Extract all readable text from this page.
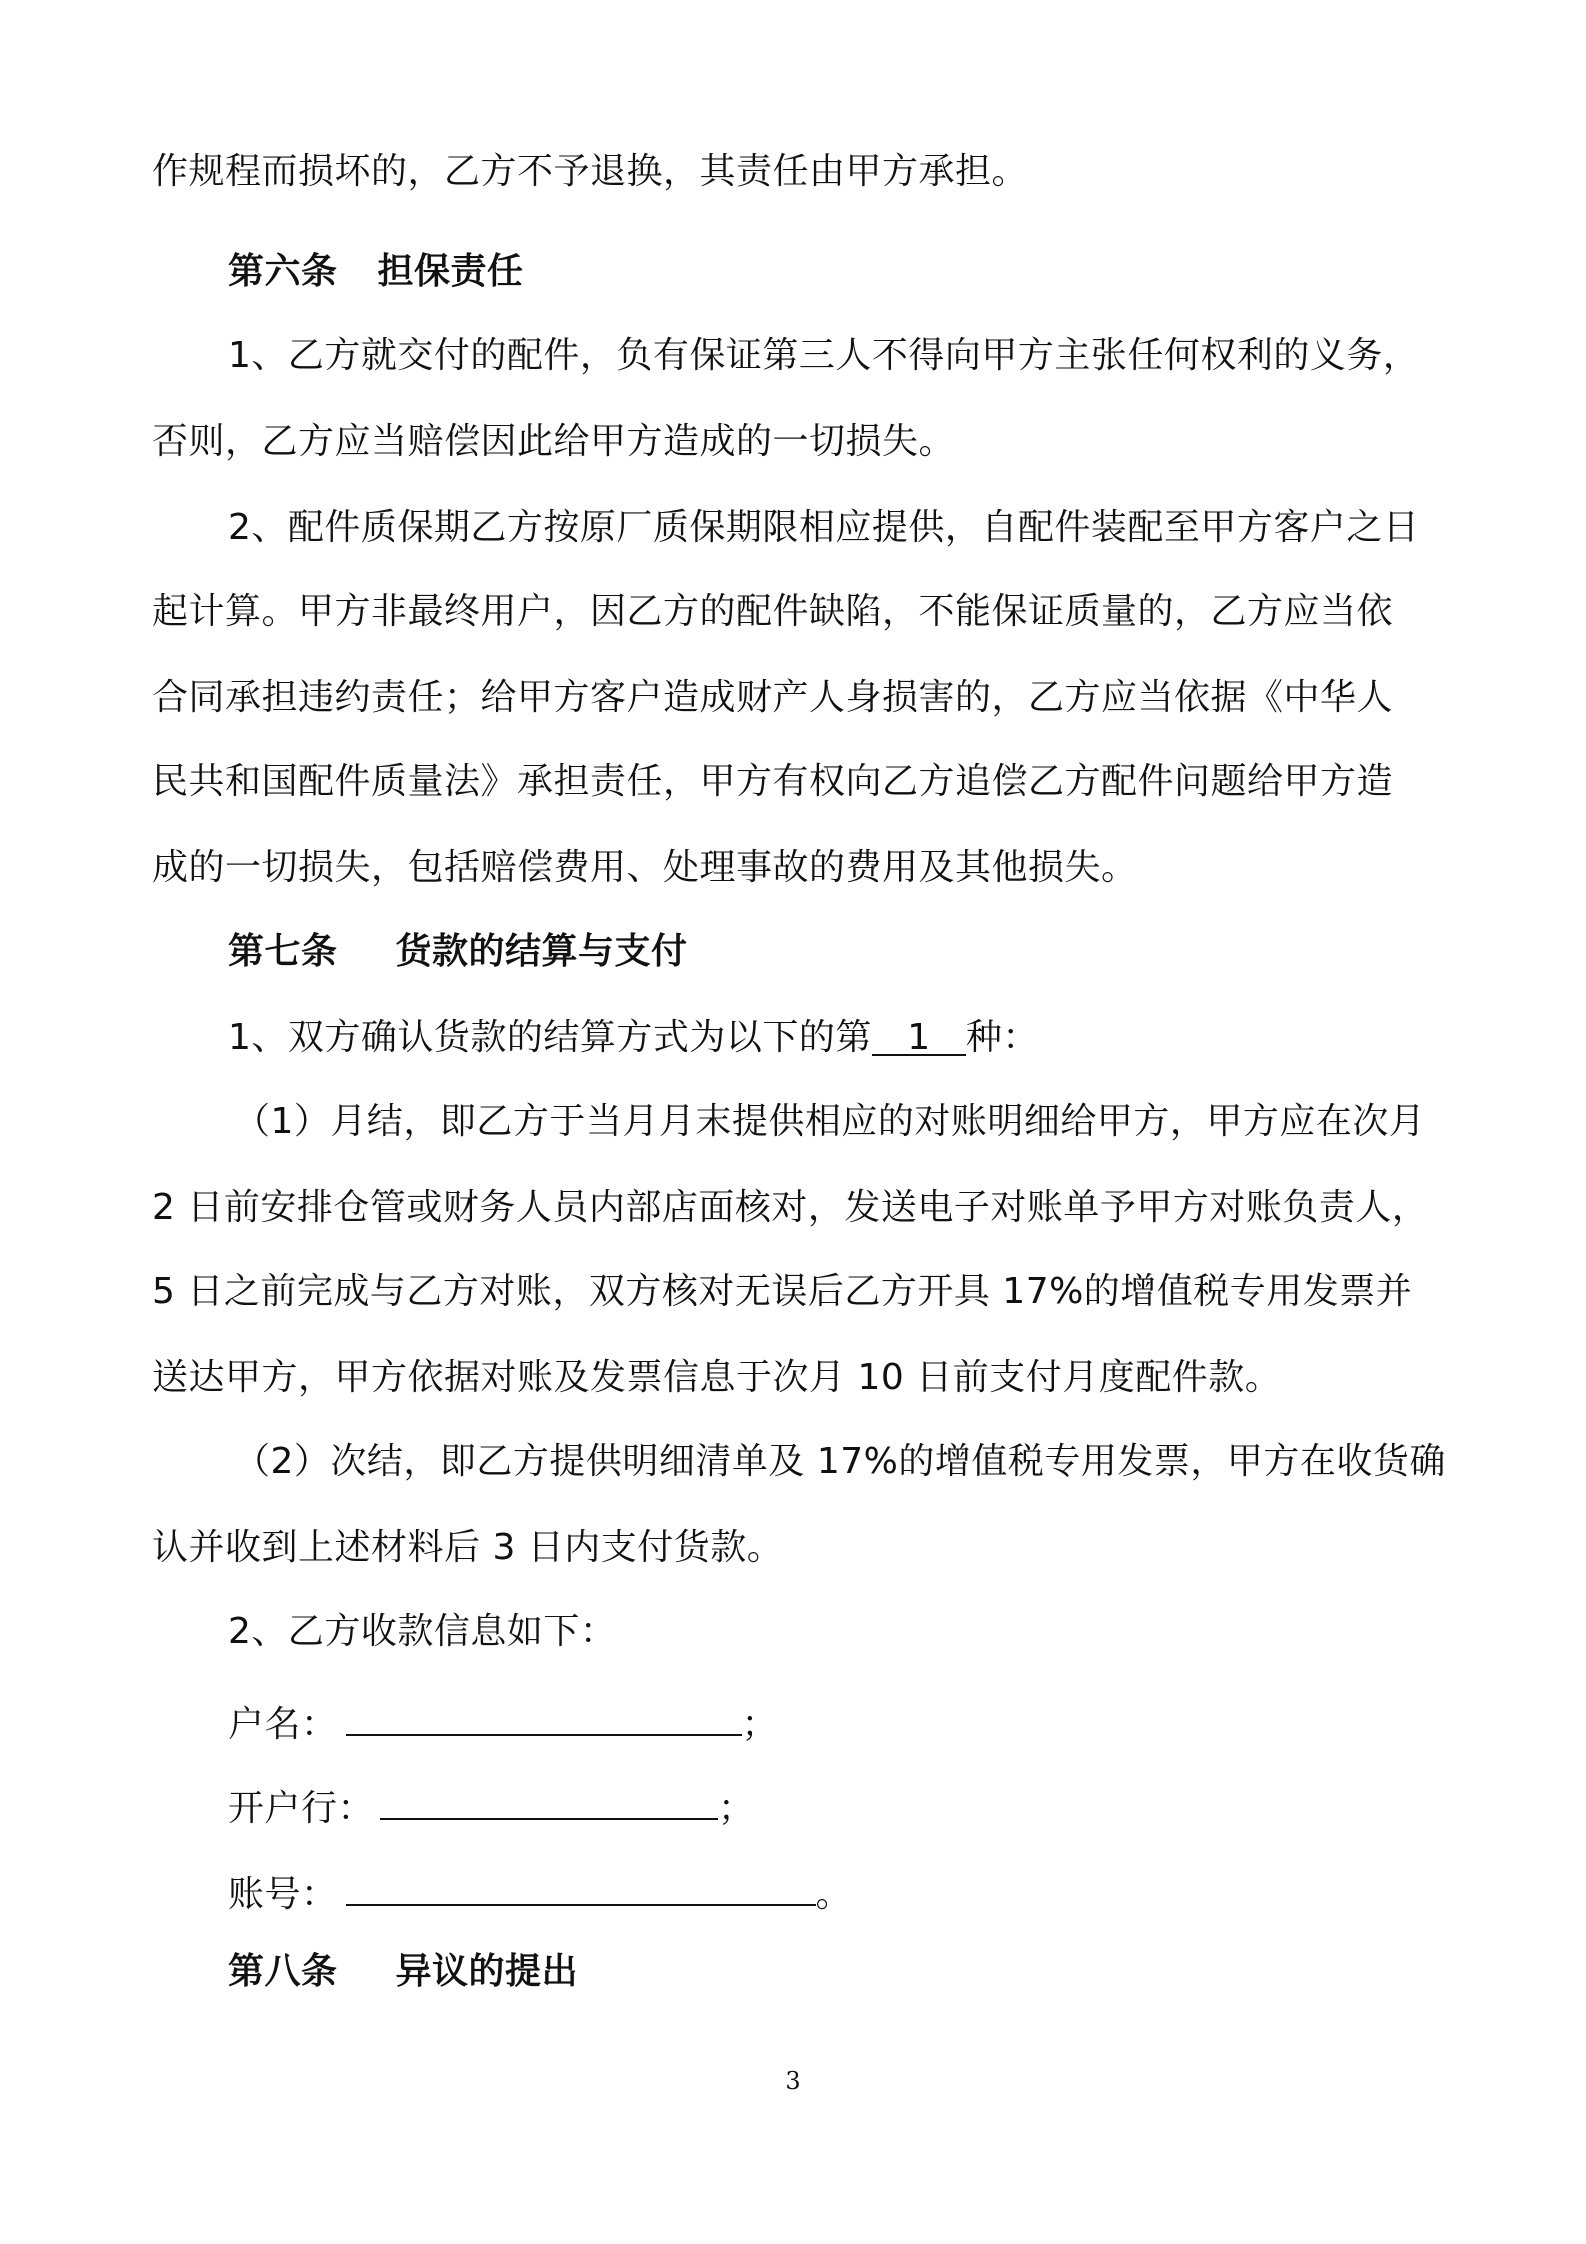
作规程而损坏的，乙方不予退换，其责任由甲方承担。
第六条 担保责任
1、乙方就交付的配件，负有保证第三人不得向甲方主张任何权利的义务，
否则，乙方应当赔偿因此给甲方造成的一切损失。
2、配件质保期乙方按原厂质保期限相应提供，自配件装配至甲方客户之日
起计算。甲方非最终用户，因乙方的配件缺陷，不能保证质量的，乙方应当依
合同承担违约责任；给甲方客户造成财产人身损害的，乙方应当依据《中华人
民共和国配件质量法》承担责任，甲方有权向乙方追偿乙方配件问题给甲方造
成的一切损失，包括赔偿费用、处理事故的费用及其他损失。
第七条 货款的结算与支付
1、双方确认货款的结算方式为以下的第 1 种：
（1）月结，即乙方于当月月末提供相应的对账明细给甲方，甲方应在次月
2 日前安排仓管或财务人员内部店面核对，发送电子对账单予甲方对账负责人，
5 日之前完成与乙方对账，双方核对无误后乙方开具 17%的增值税专用发票并
送达甲方，甲方依据对账及发票信息于次月 10 日前支付月度配件款。
（2）次结，即乙方提供明细清单及 17%的增值税专用发票，甲方在收货确
认并收到上述材料后 3 日内支付货款。
2、乙方收款信息如下：
户名：	；
开户行：	；
账号：	。
第八条 异议的提出
3
